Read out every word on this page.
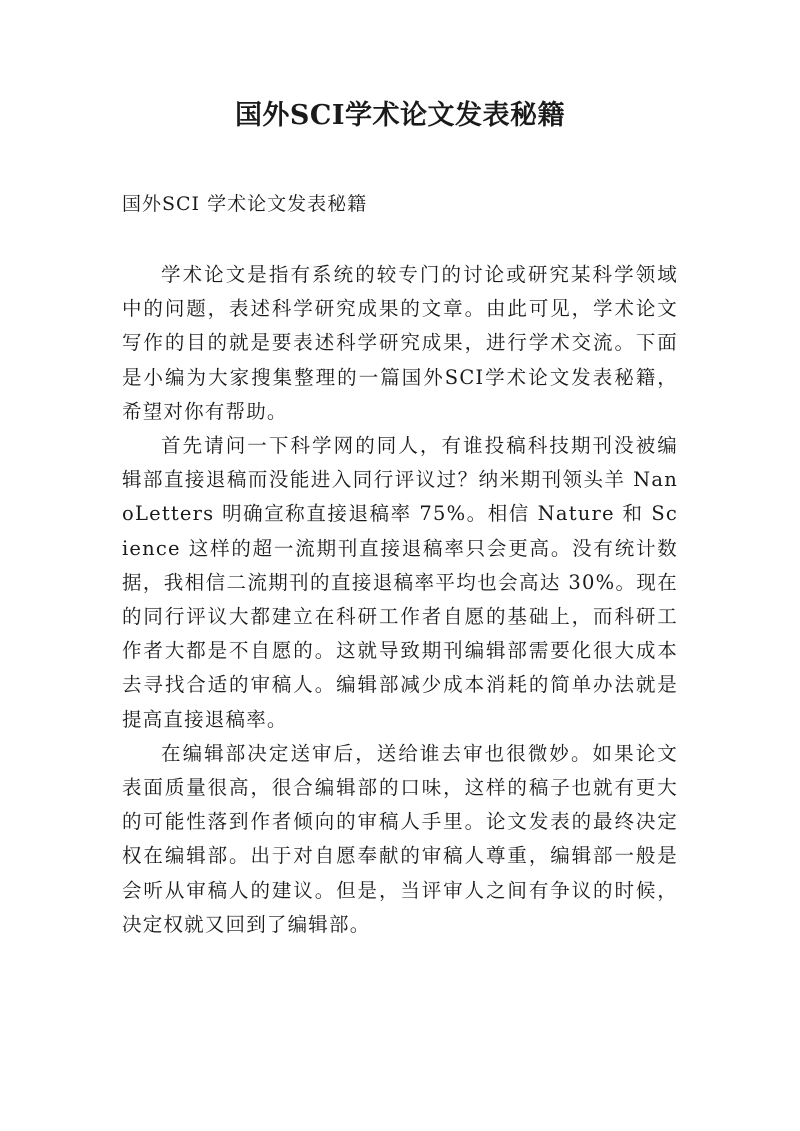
国外SCI学术论文发表秘籍

国外SCI 学术论文发表秘籍

学术论文是指有系统的较专门的讨论或研究某科学领域中的问题，表述科学研究成果的文章。由此可见，学术论文写作的目的就是要表述科学研究成果，进行学术交流。下面是小编为大家搜集整理的一篇国外SCI学术论文发表秘籍，希望对你有帮助。

首先请问一下科学网的同人，有谁投稿科技期刊没被编辑部直接退稿而没能进入同行评议过？纳米期刊领头羊 NanoLetters 明确宣称直接退稿率 75%。相信 Nature 和 Science 这样的超一流期刊直接退稿率只会更高。没有统计数据，我相信二流期刊的直接退稿率平均也会高达 30%。现在的同行评议大都建立在科研工作者自愿的基础上，而科研工作者大都是不自愿的。这就导致期刊编辑部需要化很大成本去寻找合适的审稿人。编辑部减少成本消耗的简单办法就是提高直接退稿率。

在编辑部决定送审后，送给谁去审也很微妙。如果论文表面质量很高，很合编辑部的口味，这样的稿子也就有更大的可能性落到作者倾向的审稿人手里。论文发表的最终决定权在编辑部。出于对自愿奉献的审稿人尊重，编辑部一般是会听从审稿人的建议。但是，当评审人之间有争议的时候，决定权就又回到了编辑部。
